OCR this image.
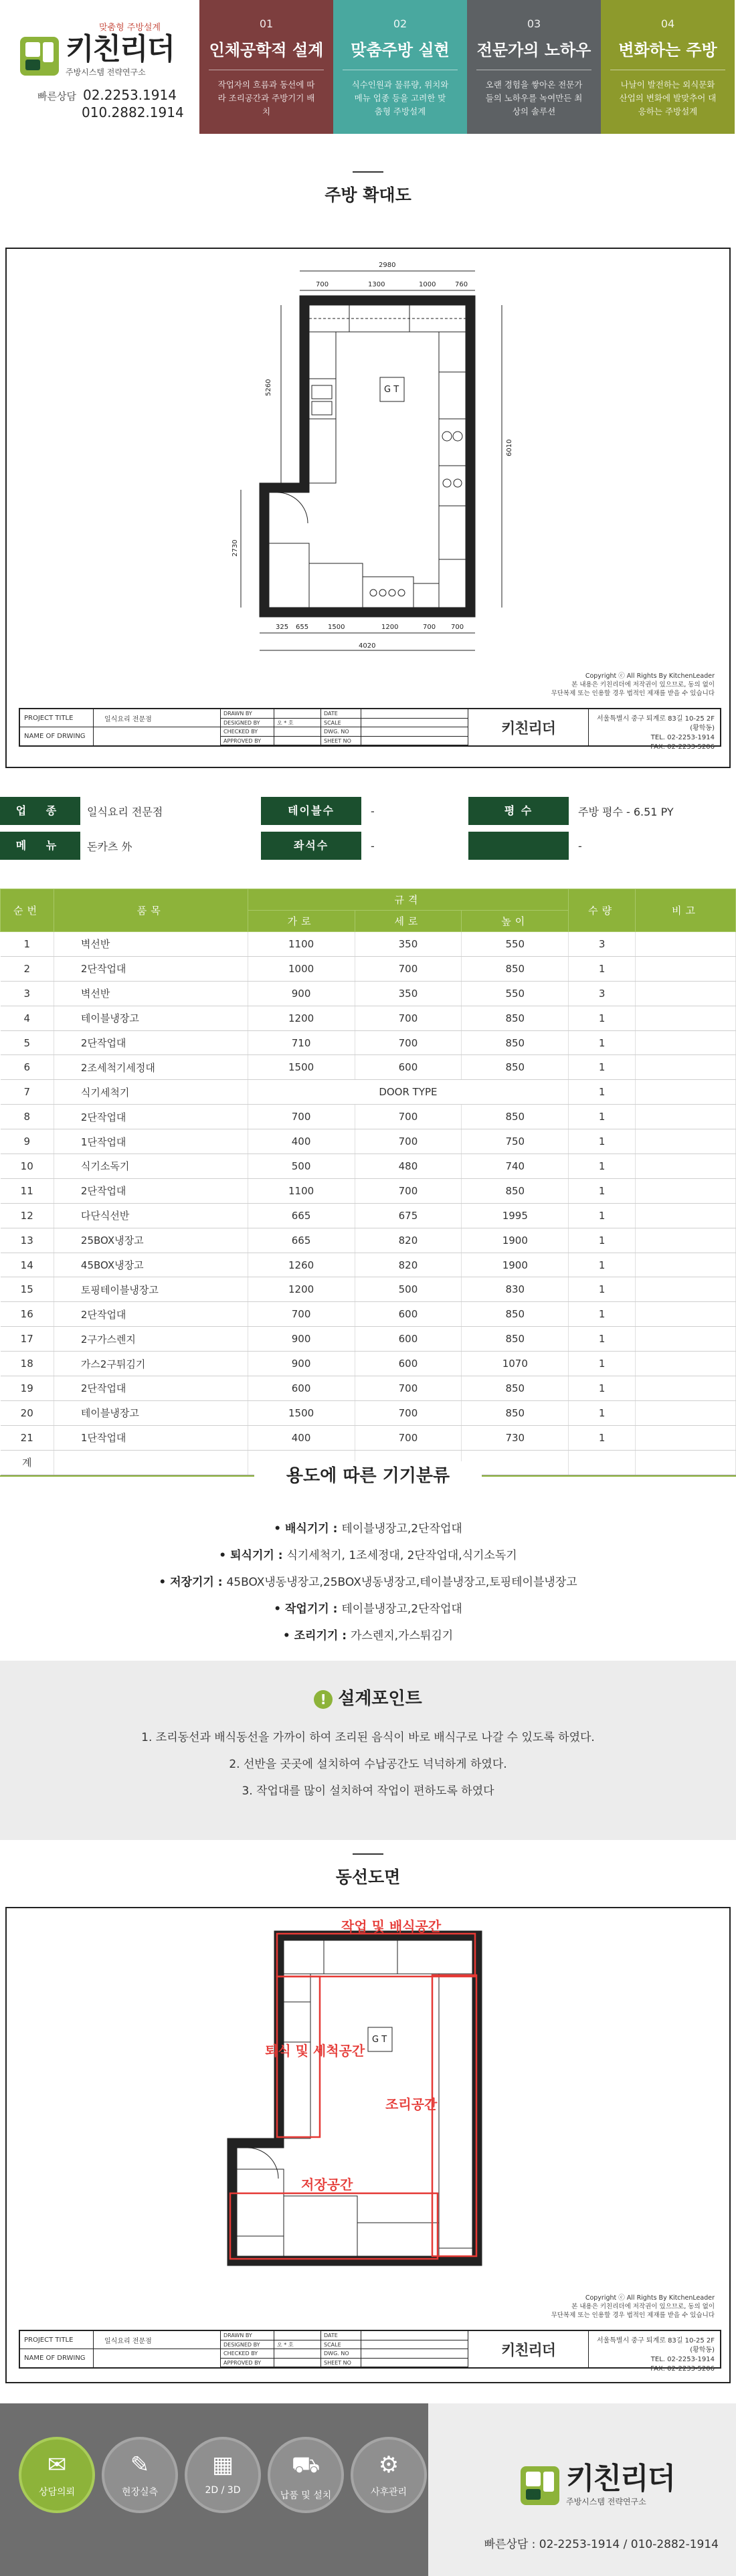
맞춤형 주방설계
키친리더
주방시스템 전략연구소
빠른상담 02.2253.1914
010.2882.1914
01
인체공학적 설계
작업자의 흐름과 동선에 따라 조리공간과 주방기기 배치
02
맞춤주방 실현
식수인원과 물류량, 위치와 메뉴 업종 등을 고려한 맞춤형 주방설계
03
전문가의 노하우
오랜 경험을 쌓아온 전문가들의 노하우를 녹여만든 최상의 솔루션
04
변화하는 주방
나날이 발전하는 외식문화 산업의 변화에 발맞추어 대응하는 주방설계
주방 확대도
2980
700	1300	1000	760
325 655	1500	1200	700 700
4020
5260
2730
6010
G T
Copyright ⓒ All Rights By KitchenLeader
본 내용은 키친리더에 저작권이 있으므로, 동의 없이
무단복제 또는 인용할 경우 법적인 제재를 받을 수 있습니다
PROJECT TITLE	일식요리 전문점
NAME OF DRWING
DRAWN BY	DATE
DESIGNED BY	오 * 호	SCALE
CHECKED BY	DWG. NO
APPROVED BY	SHEET NO
키친리더
서울특별시 중구 퇴계로 83길 10-25 2F (황학동)
TEL. 02-2253-1914
FAX. 02-2233-5206
업 종	일식요리 전문점	테이블수	-	평 수	주방 평수 - 6.51 PY
메 뉴	돈카츠 外	좌석수	-	-
순번	품목	규격			수량	비고
		가로	세로	높이		
1	벽선반	1100	350	550	3	
2	2단작업대	1000	700	850	1	
3	벽선반	900	350	550	3	
4	테이블냉장고	1200	700	850	1	
5	2단작업대	710	700	850	1	
6	2조세척기세정대	1500	600	850	1	
7	식기세척기	DOOR TYPE			1	
8	2단작업대	700	700	850	1	
9	1단작업대	400	700	750	1	
10	식기소독기	500	480	740	1	
11	2단작업대	1100	700	850	1	
12	다단식선반	665	675	1995	1	
13	25BOX냉장고	665	820	1900	1	
14	45BOX냉장고	1260	820	1900	1	
15	토핑테이블냉장고	1200	500	830	1	
16	2단작업대	700	600	850	1	
17	2구가스렌지	900	600	850	1	
18	가스2구튀김기	900	600	1070	1	
19	2단작업대	600	700	850	1	
20	테이블냉장고	1500	700	850	1	
21	1단작업대	400	700	730	1	
계						
용도에 따른 기기분류
• 배식기기 : 테이블냉장고,2단작업대
• 퇴식기기 : 식기세척기, 1조세정대, 2단작업대,식기소독기
• 저장기기 : 45BOX냉동냉장고,25BOX냉동냉장고,테이블냉장고,토핑테이블냉장고
• 작업기기 : 테이블냉장고,2단작업대
• 조리기기 : 가스렌지,가스튀김기
! 설계포인트
1. 조리동선과 배식동선을 가까이 하여 조리된 음식이 바로 배식구로 나갈 수 있도록 하였다.
2. 선반을 곳곳에 설치하여 수납공간도 넉넉하게 하였다.
3. 작업대를 많이 설치하여 작업이 편하도록 하였다
동선도면
G T
작업 및 배식공간
퇴식 및 세척공간
조리공간
저장공간
Copyright ⓒ All Rights By KitchenLeader
본 내용은 키친리더에 저작권이 있으므로, 동의 없이
무단복제 또는 인용할 경우 법적인 제재를 받을 수 있습니다
PROJECT TITLE	일식요리 전문점
NAME OF DRWING
DRAWN BY	DATE
DESIGNED BY	오 * 호	SCALE
CHECKED BY	DWG. NO
APPROVED BY	SHEET NO
키친리더
서울특별시 중구 퇴계로 83길 10-25 2F (황학동)
TEL. 02-2253-1914
FAX. 02-2233-5206
✉
상담의뢰
✎
현장실측
▦
2D / 3D
⛟
납품 및 설치
⚙
사후관리	키친리더
주방시스템 전략연구소
빠른상담 : 02-2253-1914 / 010-2882-1914
